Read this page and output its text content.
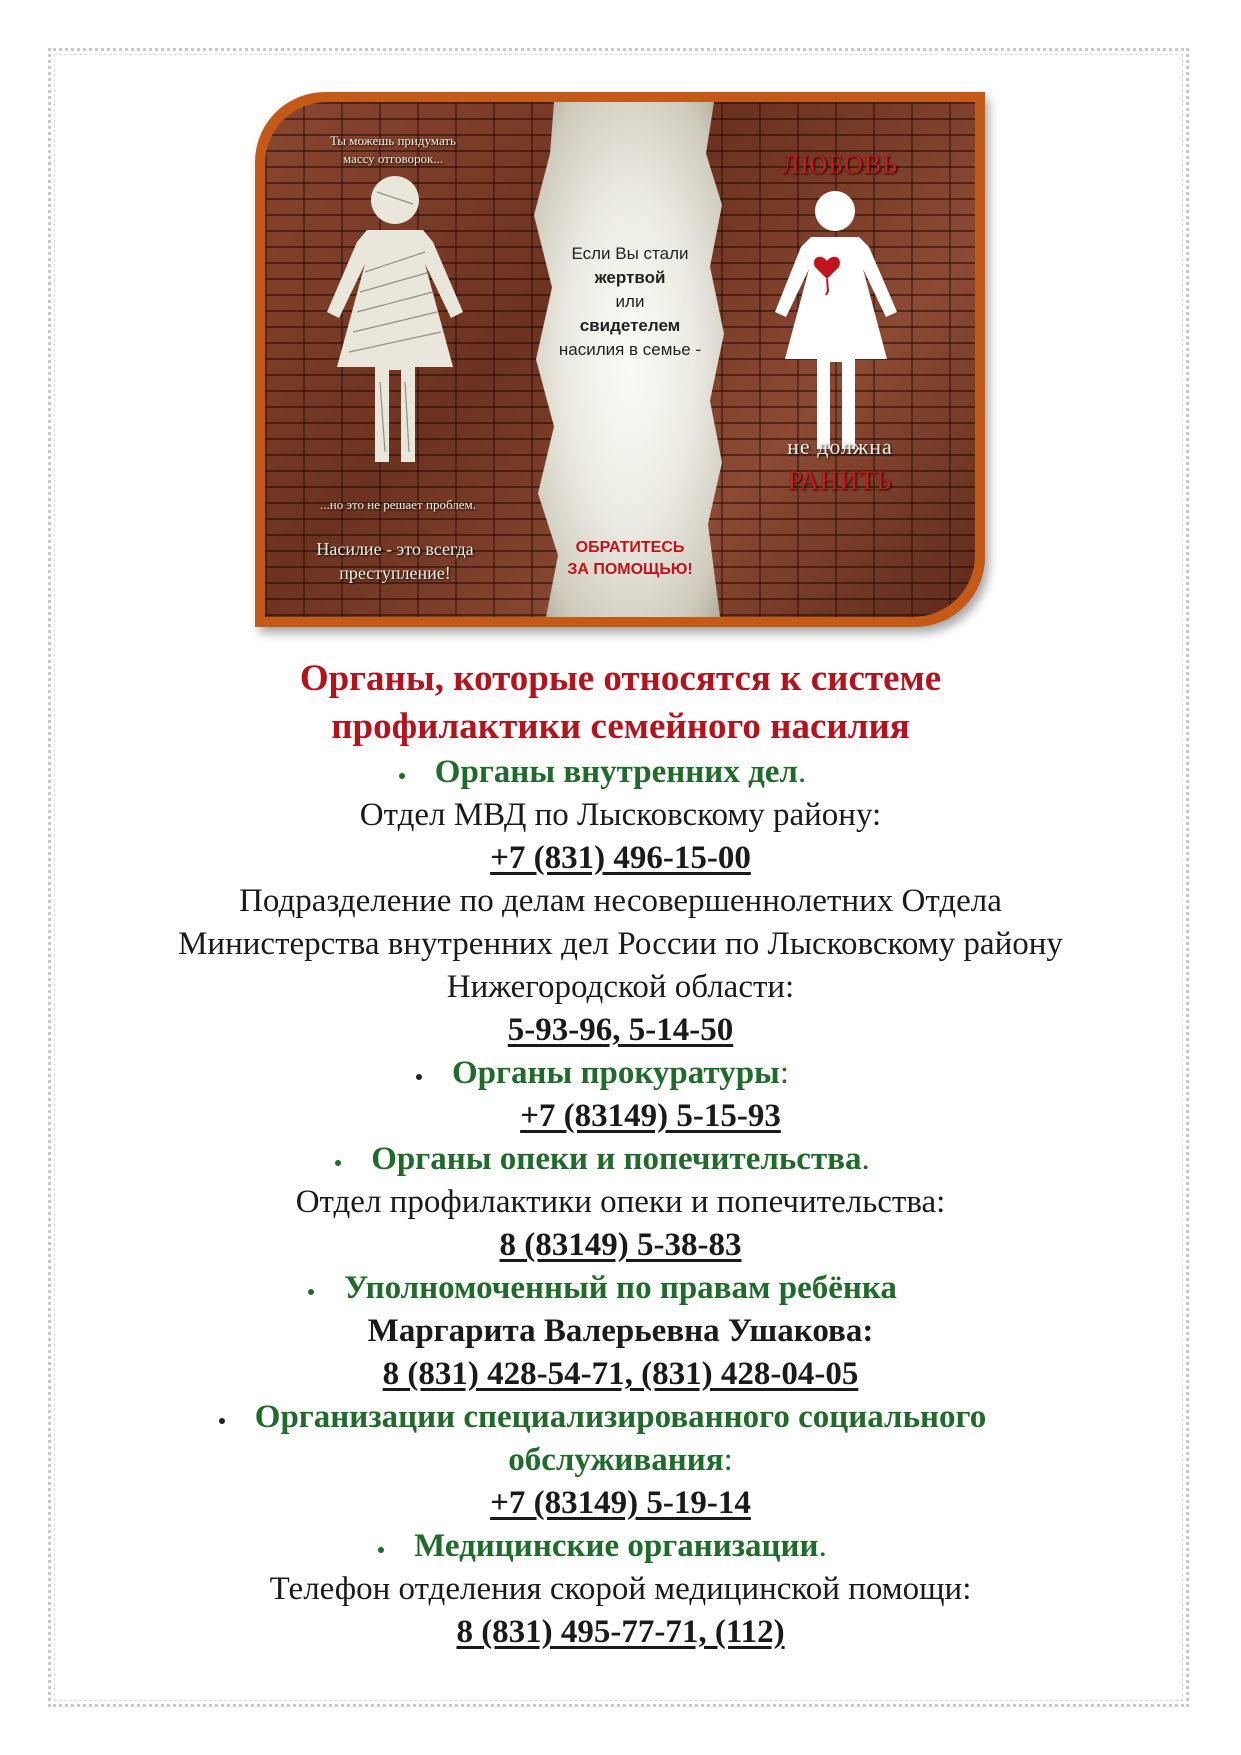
Ты можешь придумать
массу отговорок...
...но это не решает проблем.
Насилие - это всегда
преступление!
Если Вы стали
жертвой
или
свидетелем
насилия в семье -
ОБРАТИТЕСЬ
ЗА ПОМОЩЬЮ!
ЛЮБОВЬ
не должна
РАНИТЬ
Органы, которые относятся к системе
профилактики семейного насилия
Органы внутренних дел.
Отдел МВД по Лысковскому району:
+7 (831) 496-15-00
Подразделение по делам несовершеннолетних Отдела
Министерства внутренних дел России по Лысковскому району
Нижегородской области:
5-93-96, 5-14-50
Органы прокуратуры:
+7 (83149) 5-15-93
Органы опеки и попечительства.
Отдел профилактики опеки и попечительства:
8 (83149) 5-38-83
Уполномоченный по правам ребёнка
Маргарита Валерьевна Ушакова:
8 (831) 428-54-71, (831) 428-04-05
Организации специализированного социального
обслуживания:
+7 (83149) 5-19-14
Медицинские организации.
Телефон отделения скорой медицинской помощи:
8 (831) 495-77-71, (112)
